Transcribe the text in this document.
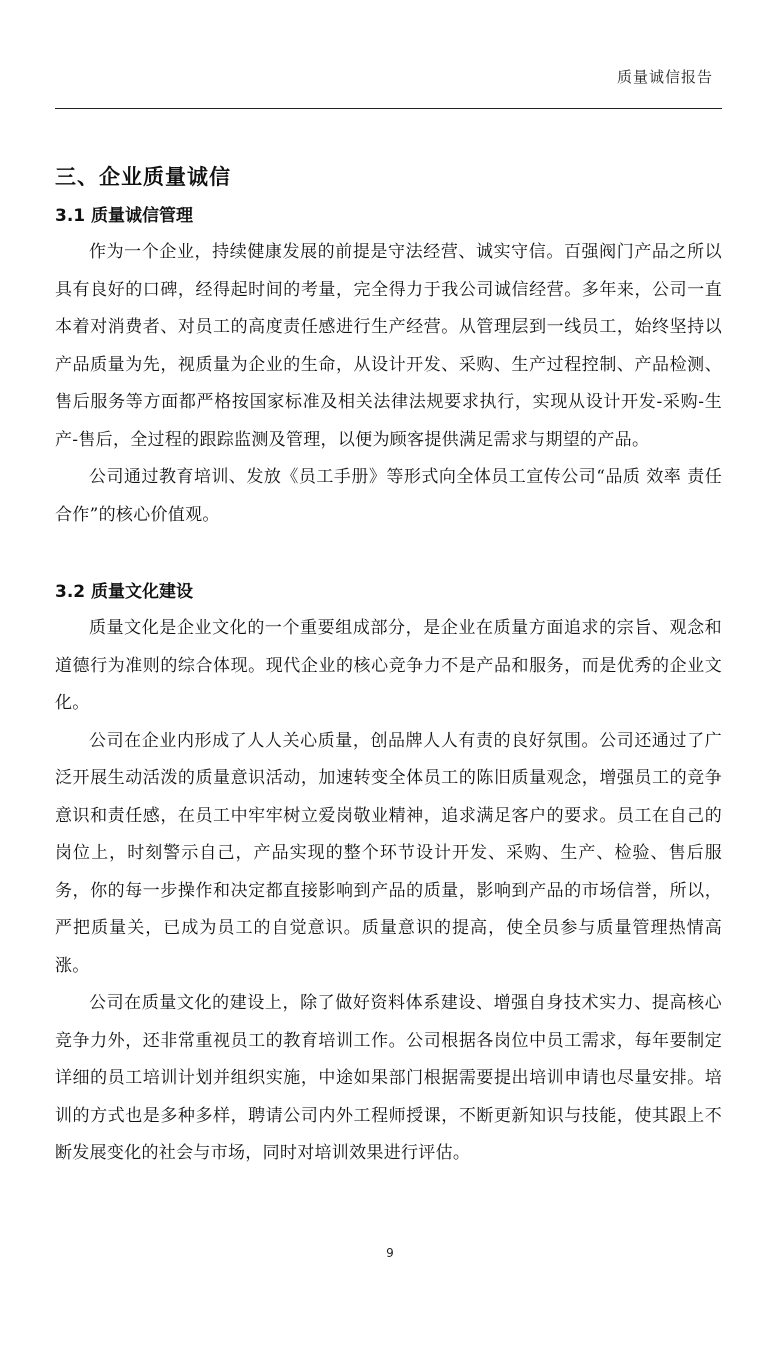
质量诚信报告
三、企业质量诚信
3.1 质量诚信管理

作为一个企业，持续健康发展的前提是守法经营、诚实守信。百强阀门产品之所以具有良好的口碑，经得起时间的考量，完全得力于我公司诚信经营。多年来，公司一直本着对消费者、对员工的高度责任感进行生产经营。从管理层到一线员工，始终坚持以产品质量为先，视质量为企业的生命，从设计开发、采购、生产过程控制、产品检测、售后服务等方面都严格按国家标准及相关法律法规要求执行，实现从设计开发-采购-生产-售后，全过程的跟踪监测及管理，以便为顾客提供满足需求与期望的产品。

公司通过教育培训、发放《员工手册》等形式向全体员工宣传公司“品质 效率 责任 合作”的核心价值观。

3.2 质量文化建设

质量文化是企业文化的一个重要组成部分，是企业在质量方面追求的宗旨、观念和道德行为准则的综合体现。现代企业的核心竞争力不是产品和服务，而是优秀的企业文化。

公司在企业内形成了人人关心质量，创品牌人人有责的良好氛围。公司还通过了广泛开展生动活泼的质量意识活动，加速转变全体员工的陈旧质量观念，增强员工的竞争意识和责任感，在员工中牢牢树立爱岗敬业精神，追求满足客户的要求。员工在自己的岗位上，时刻警示自己，产品实现的整个环节设计开发、采购、生产、检验、售后服务，你的每一步操作和决定都直接影响到产品的质量，影响到产品的市场信誉，所以，严把质量关，已成为员工的自觉意识。质量意识的提高，使全员参与质量管理热情高涨。

公司在质量文化的建设上，除了做好资料体系建设、增强自身技术实力、提高核心竞争力外，还非常重视员工的教育培训工作。公司根据各岗位中员工需求，每年要制定详细的员工培训计划并组织实施，中途如果部门根据需要提出培训申请也尽量安排。培训的方式也是多种多样，聘请公司内外工程师授课，不断更新知识与技能，使其跟上不断发展变化的社会与市场，同时对培训效果进行评估。

9
